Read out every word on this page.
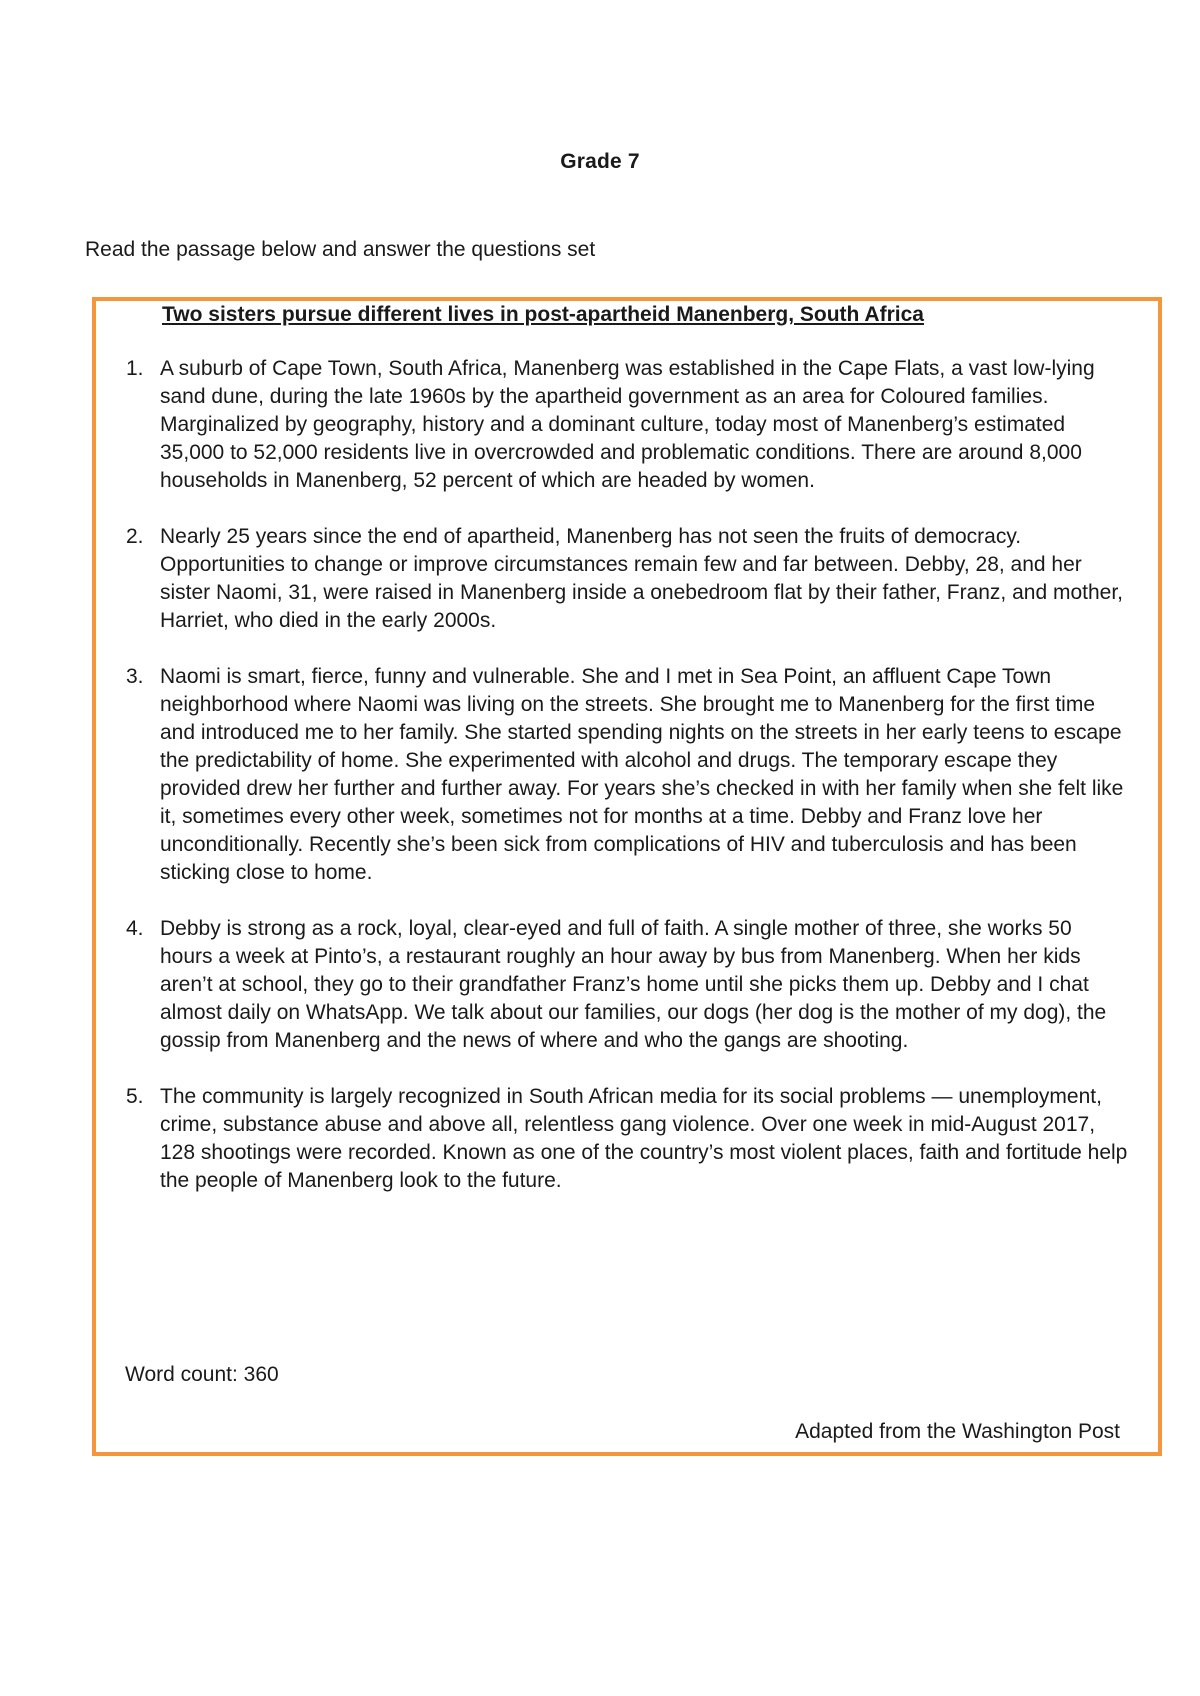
Grade 7
Read the passage below and answer the questions set
Two sisters pursue different lives in post-apartheid Manenberg, South Africa
1. A suburb of Cape Town, South Africa, Manenberg was established in the Cape Flats, a vast low-lying sand dune, during the late 1960s by the apartheid government as an area for Coloured families. Marginalized by geography, history and a dominant culture, today most of Manenberg’s estimated 35,000 to 52,000 residents live in overcrowded and problematic conditions. There are around 8,000 households in Manenberg, 52 percent of which are headed by women.
2. Nearly 25 years since the end of apartheid, Manenberg has not seen the fruits of democracy. Opportunities to change or improve circumstances remain few and far between. Debby, 28, and her sister Naomi, 31, were raised in Manenberg inside a onebedroom flat by their father, Franz, and mother, Harriet, who died in the early 2000s.
3. Naomi is smart, fierce, funny and vulnerable. She and I met in Sea Point, an affluent Cape Town neighborhood where Naomi was living on the streets. She brought me to Manenberg for the first time and introduced me to her family. She started spending nights on the streets in her early teens to escape the predictability of home. She experimented with alcohol and drugs. The temporary escape they provided drew her further and further away. For years she’s checked in with her family when she felt like it, sometimes every other week, sometimes not for months at a time. Debby and Franz love her unconditionally. Recently she’s been sick from complications of HIV and tuberculosis and has been sticking close to home.
4. Debby is strong as a rock, loyal, clear-eyed and full of faith. A single mother of three, she works 50 hours a week at Pinto’s, a restaurant roughly an hour away by bus from Manenberg. When her kids aren’t at school, they go to their grandfather Franz’s home until she picks them up. Debby and I chat almost daily on WhatsApp. We talk about our families, our dogs (her dog is the mother of my dog), the gossip from Manenberg and the news of where and who the gangs are shooting.
5. The community is largely recognized in South African media for its social problems — unemployment, crime, substance abuse and above all, relentless gang violence. Over one week in mid-August 2017, 128 shootings were recorded. Known as one of the country’s most violent places, faith and fortitude help the people of Manenberg look to the future.
Word count: 360
Adapted from the Washington Post
